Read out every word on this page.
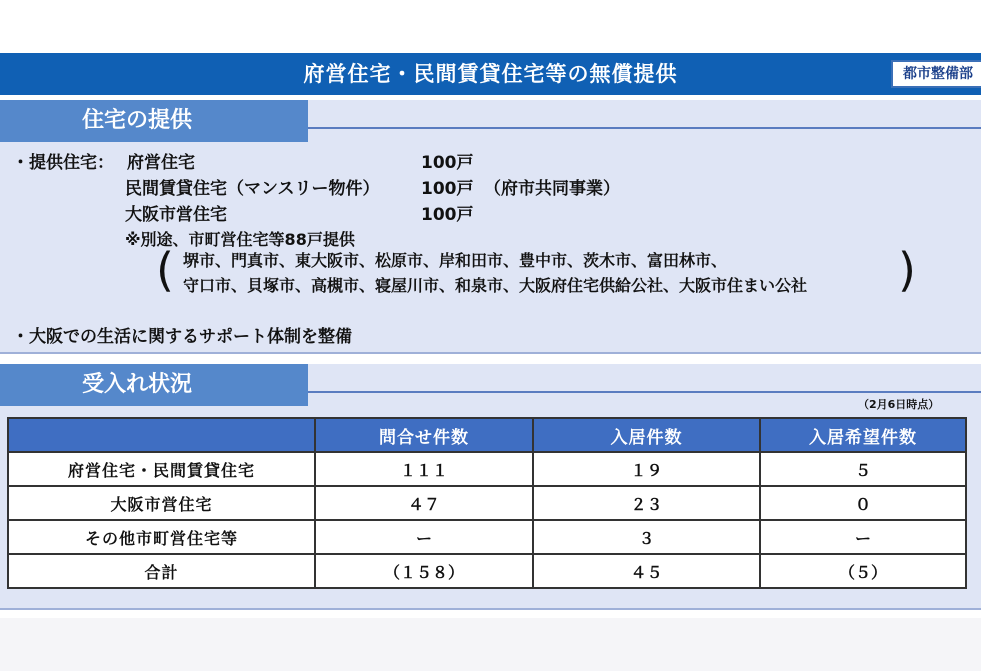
府営住宅・民間賃貸住宅等の無償提供	都市整備部
住宅の提供
・提供住宅： 府営住宅	100戸
民間賃貸住宅（マンスリー物件） 100戸 （府市共同事業）
大阪市営住宅	100戸
※別途、市町営住宅等88戸提供
( 堺市、門真市、東大阪市、松原市、岸和田市、豊中市、茨木市、富田林市、
守口市、貝塚市、高槻市、寝屋川市、和泉市、大阪府住宅供給公社、大阪市住まい公社 )
・大阪での生活に関するサポート体制を整備
受入れ状況
（2月6日時点）
	問合せ件数	入居件数	入居希望件数
府営住宅・民間賃貸住宅	１１１	１９	５
大阪市営住宅	４７	２３	０
その他市町営住宅等	ー	３	ー
合計	（１５８）	４５	（５）
